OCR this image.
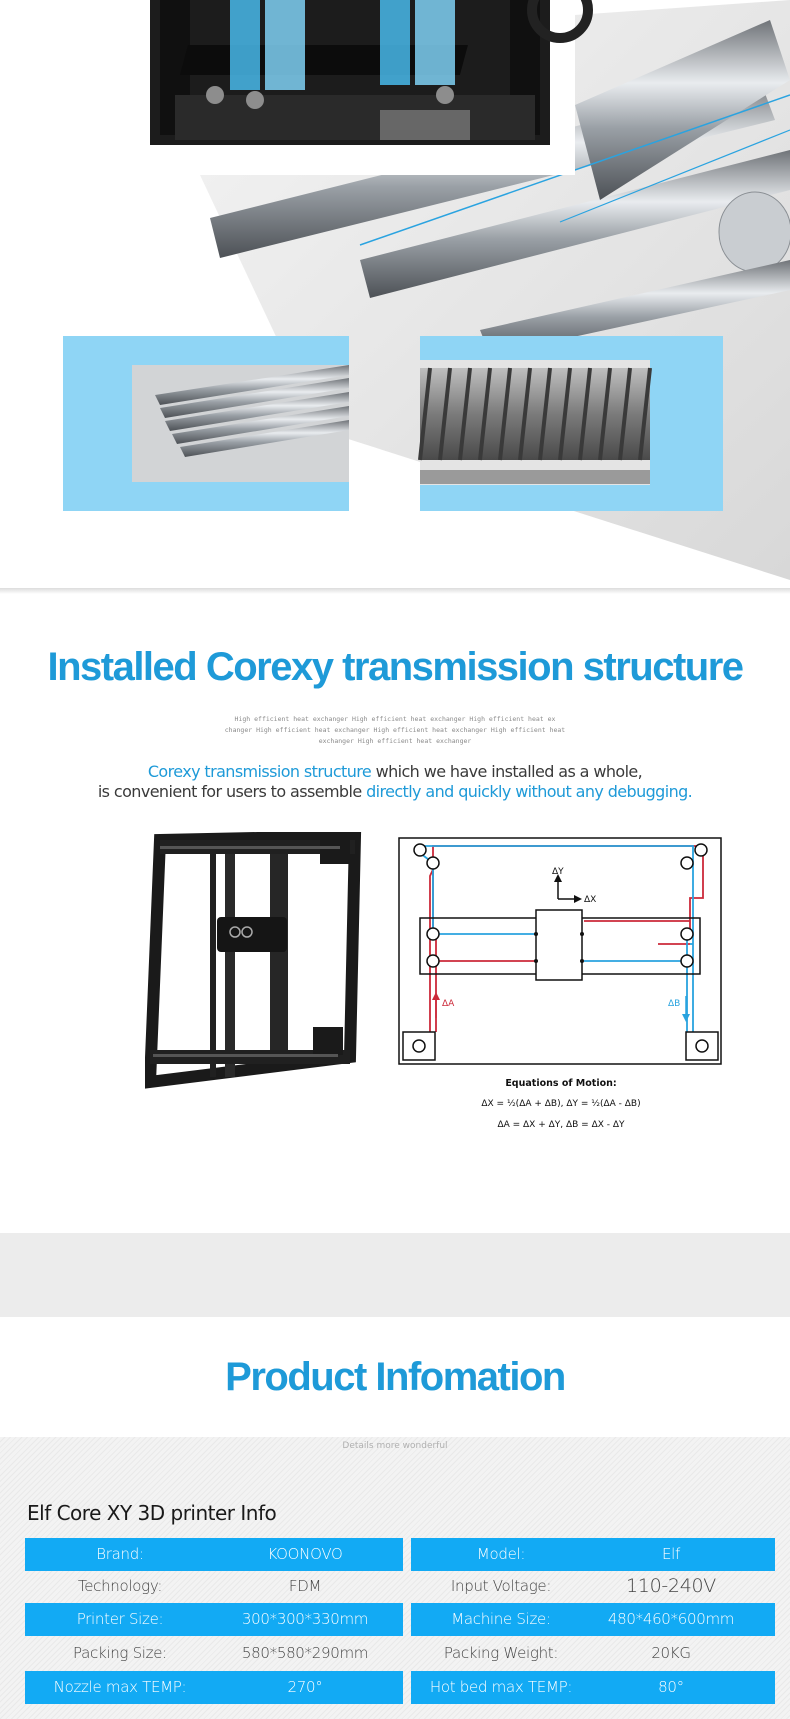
Installed Corexy transmission structure
High efficient heat exchanger High efficient heat exchanger High efficient heat ex
changer High efficient heat exchanger High efficient heat exchanger High efficient heat
exchanger High efficient heat exchanger
Corexy transmission structure which we have installed as a whole,
is convenient for users to assemble directly and quickly without any debugging.
ΔY
ΔX
ΔA	ΔB
Equations of Motion:
ΔX = ½(ΔA + ΔB), ΔY = ½(ΔA - ΔB)
ΔA = ΔX + ΔY, ΔB = ΔX - ΔY
Product Infomation
Details more wonderful
Elf Core XY 3D printer Info
Brand:	KOONOVO	Model:	Elf
Technology:	FDM	Input Voltage:	110-240V
Printer Size:	300*300*330mm	Machine Size:	480*460*600mm
Packing Size:	580*580*290mm	Packing Weight:	20KG
Nozzle max TEMP:	270°	Hot bed max TEMP:	80°
